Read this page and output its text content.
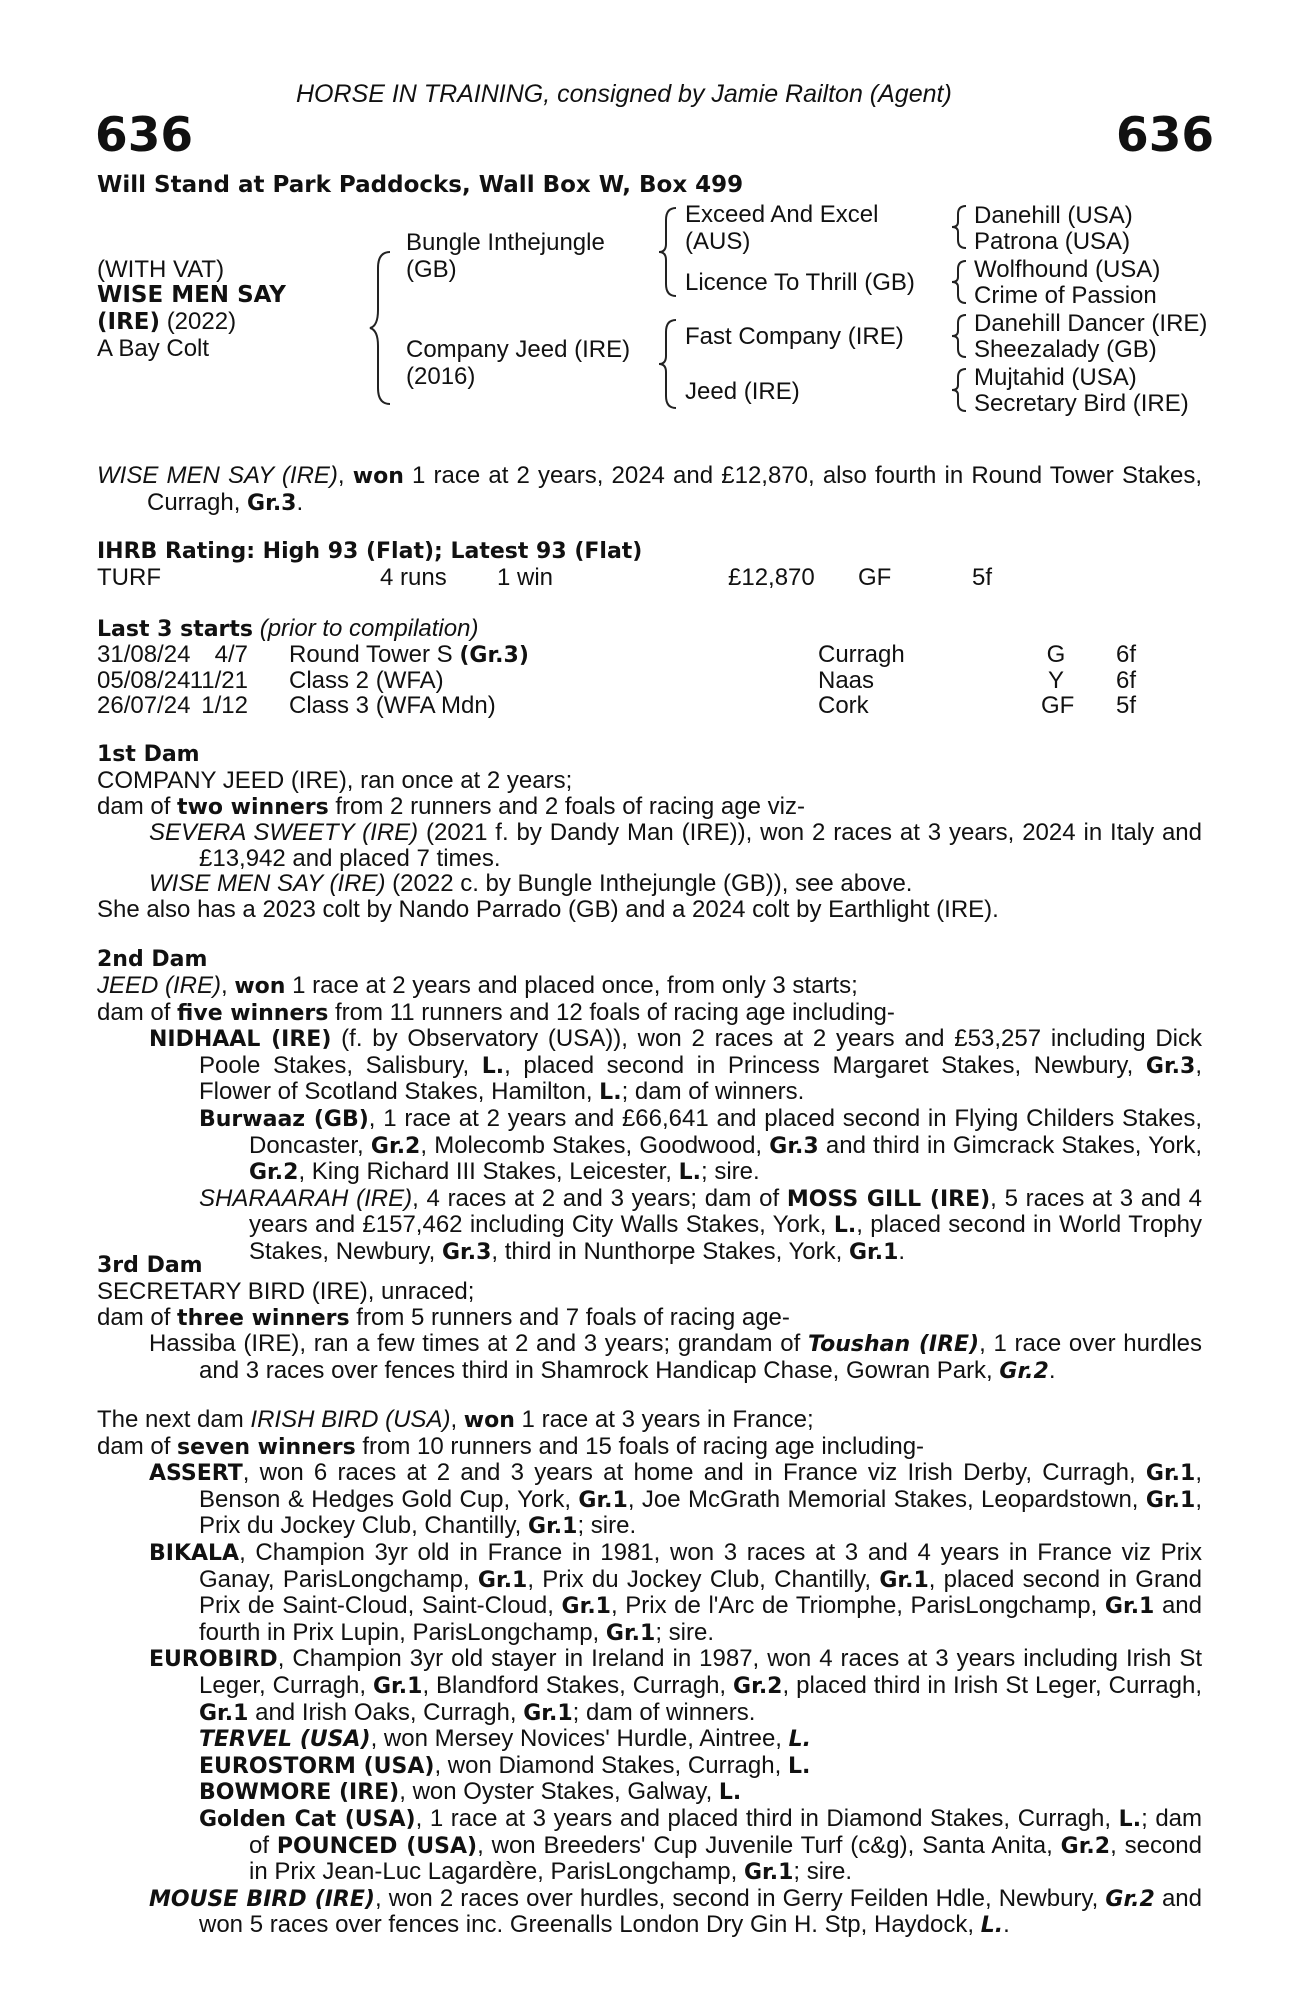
HORSE IN TRAINING, consigned by Jamie Railton (Agent)
636	636
Will Stand at Park Paddocks, Wall Box W, Box 499
(WITH VAT)
WISE MEN SAY
(IRE) (2022)
A Bay Colt
Bungle Inthejungle
(GB)
Company Jeed (IRE)
(2016)
Exceed And Excel
(AUS)
Licence To Thrill (GB)
Fast Company (IRE)
Jeed (IRE)
Danehill (USA)
Patrona (USA)
Wolfhound (USA)
Crime of Passion
Danehill Dancer (IRE)
Sheezalady (GB)
Mujtahid (USA)
Secretary Bird (IRE)

WISE MEN SAY (IRE), won 1 race at 2 years, 2024 and £12,870, also fourth in Round Tower Stakes, Curragh, Gr.3.

IHRB Rating: High 93 (Flat); Latest 93 (Flat)
TURF	4 runs 1 win	£12,870 GF	5f
Last 3 starts (prior to compilation)
31/08/24	4/7 Round Tower S (Gr.3)	Curragh	G 6f
05/08/24 11/21 Class 2 (WFA)	Naas	Y 6f
26/07/24 1/12 Class 3 (WFA Mdn)	Cork	GF 5f
1st Dam

COMPANY JEED (IRE), ran once at 2 years;

dam of two winners from 2 runners and 2 foals of racing age viz-

SEVERA SWEETY (IRE) (2021 f. by Dandy Man (IRE)), won 2 races at 3 years, 2024 in Italy and £13,942 and placed 7 times.

WISE MEN SAY (IRE) (2022 c. by Bungle Inthejungle (GB)), see above.

She also has a 2023 colt by Nando Parrado (GB) and a 2024 colt by Earthlight (IRE).

2nd Dam

JEED (IRE), won 1 race at 2 years and placed once, from only 3 starts;

dam of five winners from 11 runners and 12 foals of racing age including-

NIDHAAL (IRE) (f. by Observatory (USA)), won 2 races at 2 years and £53,257 including Dick Poole Stakes, Salisbury, L., placed second in Princess Margaret Stakes, Newbury, Gr.3, Flower of Scotland Stakes, Hamilton, L.; dam of winners.

Burwaaz (GB), 1 race at 2 years and £66,641 and placed second in Flying Childers Stakes, Doncaster, Gr.2, Molecomb Stakes, Goodwood, Gr.3 and third in Gimcrack Stakes, York, Gr.2, King Richard III Stakes, Leicester, L.; sire.

SHARAARAH (IRE), 4 races at 2 and 3 years; dam of MOSS GILL (IRE), 5 races at 3 and 4 years and £157,462 including City Walls Stakes, York, L., placed second in World Trophy Stakes, Newbury, Gr.3, third in Nunthorpe Stakes, York, Gr.1.

3rd Dam

SECRETARY BIRD (IRE), unraced;

dam of three winners from 5 runners and 7 foals of racing age-

Hassiba (IRE), ran a few times at 2 and 3 years; grandam of Toushan (IRE), 1 race over hurdles and 3 races over fences third in Shamrock Handicap Chase, Gowran Park, Gr.2.

The next dam IRISH BIRD (USA), won 1 race at 3 years in France;

dam of seven winners from 10 runners and 15 foals of racing age including-

ASSERT, won 6 races at 2 and 3 years at home and in France viz Irish Derby, Curragh, Gr.1, Benson & Hedges Gold Cup, York, Gr.1, Joe McGrath Memorial Stakes, Leopardstown, Gr.1, Prix du Jockey Club, Chantilly, Gr.1; sire.

BIKALA, Champion 3yr old in France in 1981, won 3 races at 3 and 4 years in France viz Prix Ganay, ParisLongchamp, Gr.1, Prix du Jockey Club, Chantilly, Gr.1, placed second in Grand Prix de Saint-Cloud, Saint-Cloud, Gr.1, Prix de l'Arc de Triomphe, ParisLongchamp, Gr.1 and fourth in Prix Lupin, ParisLongchamp, Gr.1; sire.

EUROBIRD, Champion 3yr old stayer in Ireland in 1987, won 4 races at 3 years including Irish St Leger, Curragh, Gr.1, Blandford Stakes, Curragh, Gr.2, placed third in Irish St Leger, Curragh, Gr.1 and Irish Oaks, Curragh, Gr.1; dam of winners.

TERVEL (USA), won Mersey Novices' Hurdle, Aintree, L.

EUROSTORM (USA), won Diamond Stakes, Curragh, L.

BOWMORE (IRE), won Oyster Stakes, Galway, L.

Golden Cat (USA), 1 race at 3 years and placed third in Diamond Stakes, Curragh, L.; dam of POUNCED (USA), won Breeders' Cup Juvenile Turf (c&g), Santa Anita, Gr.2, second in Prix Jean-Luc Lagardère, ParisLongchamp, Gr.1; sire.

MOUSE BIRD (IRE), won 2 races over hurdles, second in Gerry Feilden Hdle, Newbury, Gr.2 and won 5 races over fences inc. Greenalls London Dry Gin H. Stp, Haydock, L..
